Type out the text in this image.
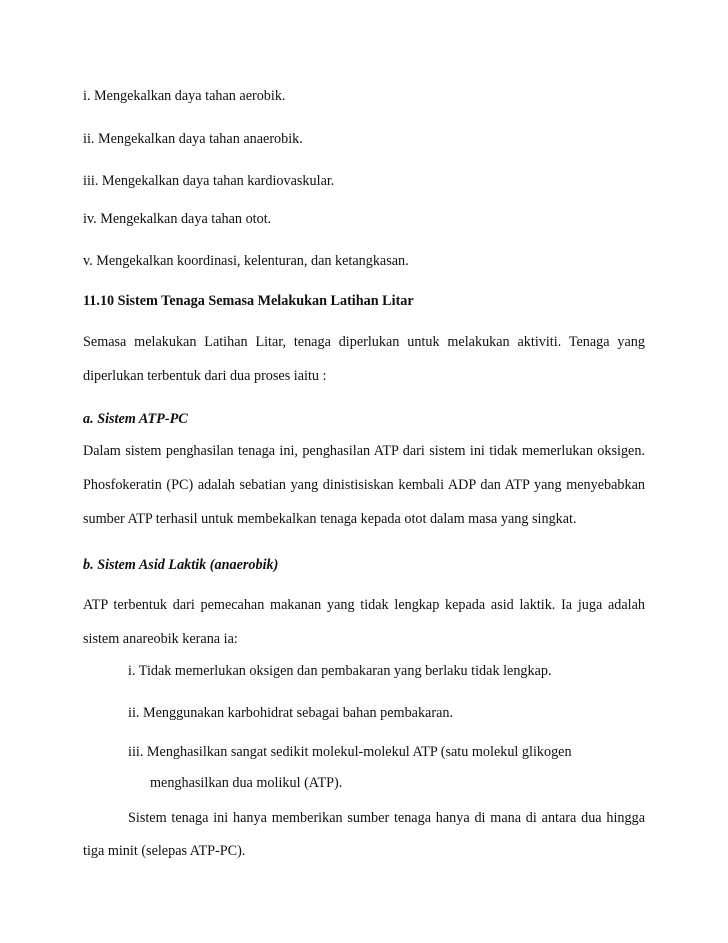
i. Mengekalkan daya tahan aerobik.
ii. Mengekalkan daya tahan anaerobik.
iii. Mengekalkan daya tahan kardiovaskular.
iv. Mengekalkan daya tahan otot.
v. Mengekalkan koordinasi, kelenturan, dan ketangkasan.
11.10 Sistem Tenaga Semasa Melakukan Latihan Litar
Semasa melakukan Latihan Litar, tenaga diperlukan untuk melakukan aktiviti. Tenaga yang diperlukan terbentuk dari dua proses iaitu :
a. Sistem ATP-PC
Dalam sistem penghasilan tenaga ini, penghasilan ATP dari sistem ini tidak memerlukan oksigen. Phosfokeratin (PC) adalah sebatian yang dinistisiskan kembali ADP dan ATP yang menyebabkan sumber ATP terhasil untuk membekalkan tenaga kepada otot dalam masa yang singkat.
b. Sistem Asid Laktik (anaerobik)
ATP terbentuk dari pemecahan makanan yang tidak lengkap kepada asid laktik. Ia juga adalah sistem anareobik kerana ia:
i. Tidak memerlukan oksigen dan pembakaran yang berlaku tidak lengkap.
ii. Menggunakan karbohidrat sebagai bahan pembakaran.
iii. Menghasilkan sangat sedikit molekul-molekul ATP (satu molekul glikogen
menghasilkan dua molikul (ATP).
Sistem tenaga ini hanya memberikan sumber tenaga hanya di mana di antara dua hingga tiga minit (selepas ATP-PC).
